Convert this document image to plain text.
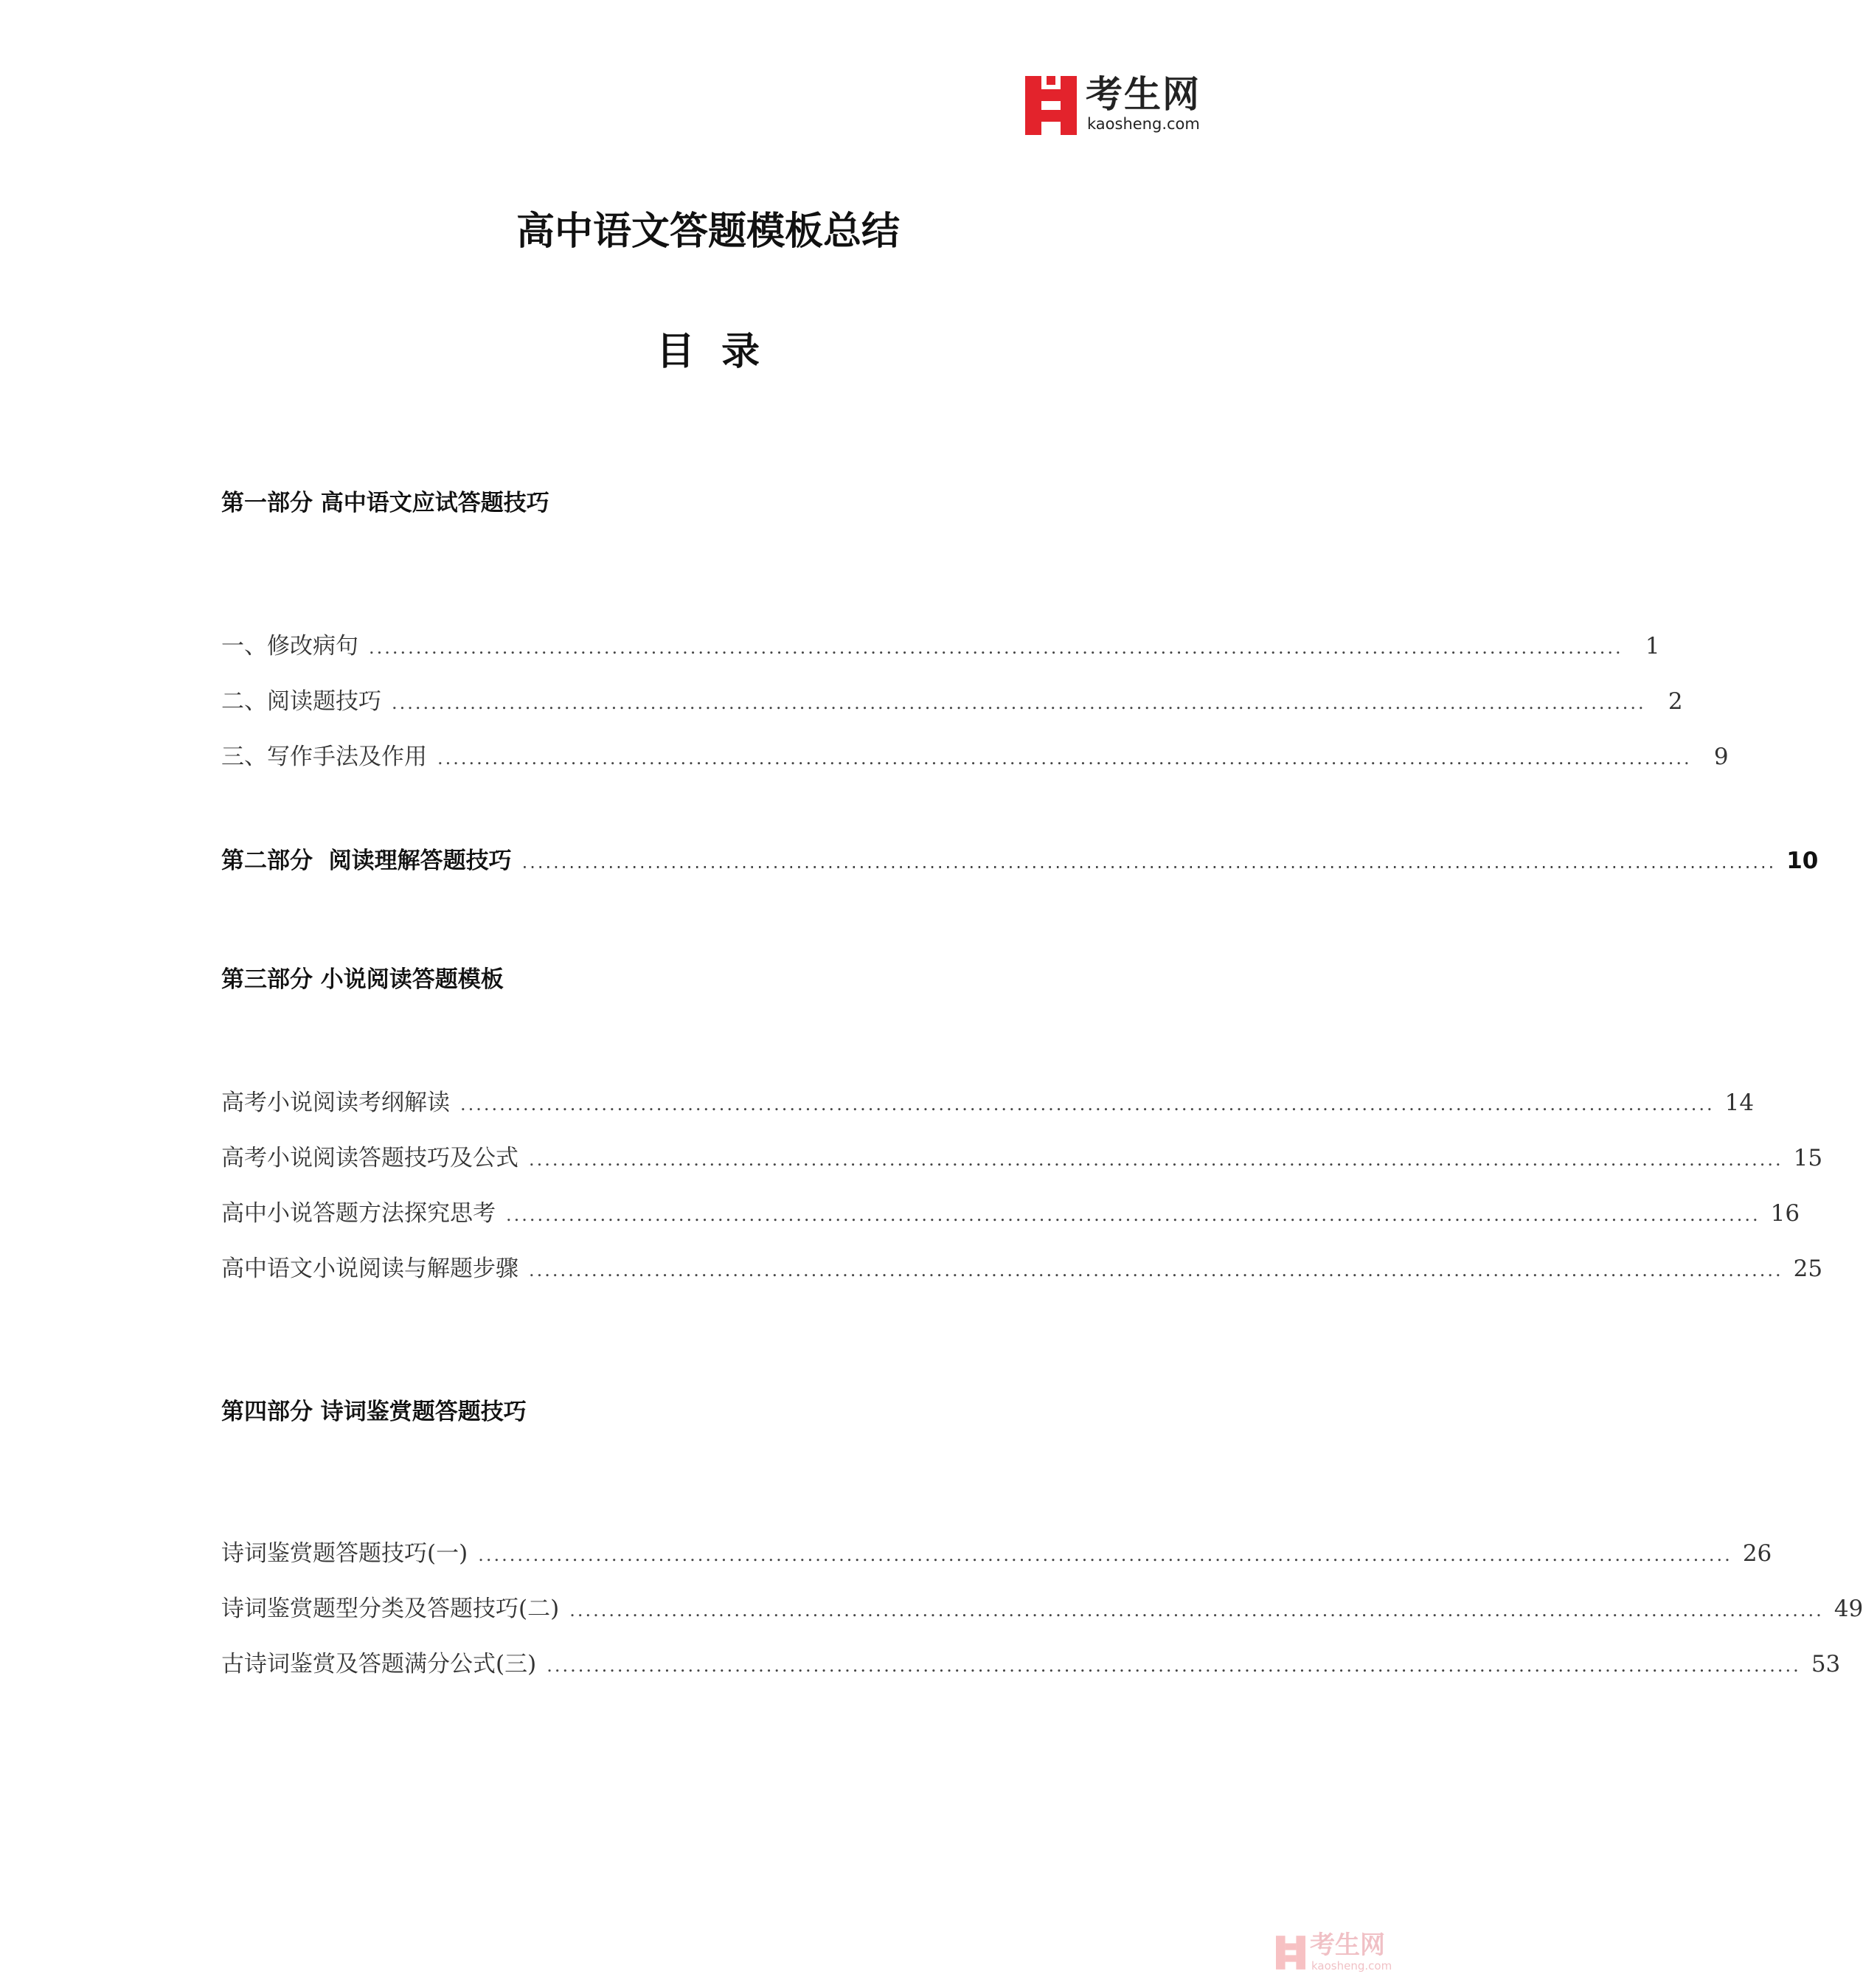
考生网
kaosheng.com
高中语文答题模板总结
目  录
第一部分 高中语文应试答题技巧
一、修改病句 ................................................................................................................................................................ 1
二、阅读题技巧 ................................................................................................................................................................ 2
三、写作手法及作用 ................................................................................................................................................................ 9
第二部分  阅读理解答题技巧 ................................................................................................................................................................ 10
第三部分 小说阅读答题模板
高考小说阅读考纲解读 ................................................................................................................................................................ 14
高考小说阅读答题技巧及公式 ................................................................................................................................................................ 15
高中小说答题方法探究思考 ................................................................................................................................................................ 16
高中语文小说阅读与解题步骤 ................................................................................................................................................................ 25
第四部分 诗词鉴赏题答题技巧
诗词鉴赏题答题技巧(一) ................................................................................................................................................................ 26
诗词鉴赏题型分类及答题技巧(二) ................................................................................................................................................................ 49
古诗词鉴赏及答题满分公式(三) ................................................................................................................................................................ 53
考生网
kaosheng.com
